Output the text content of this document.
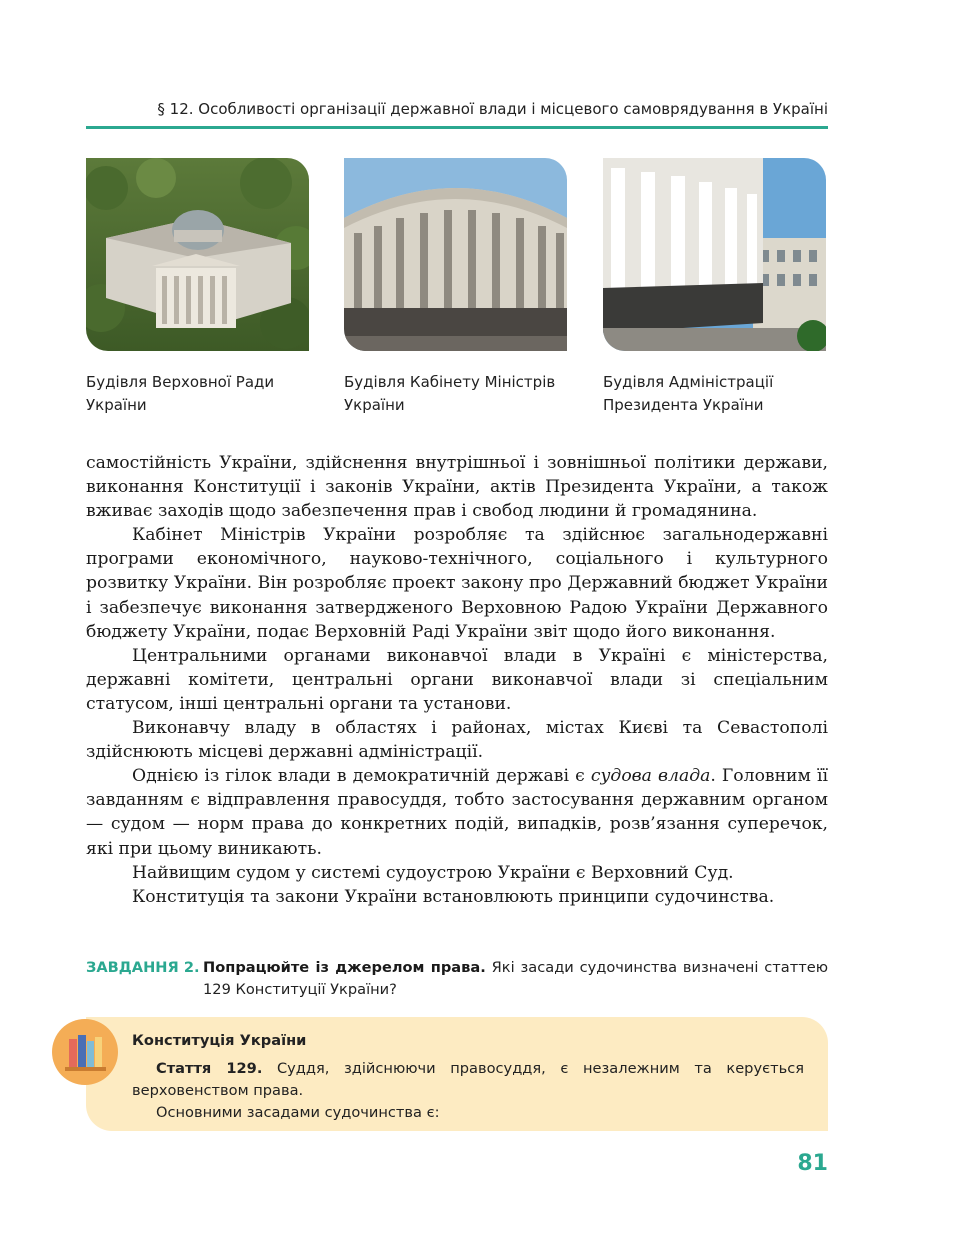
§ 12. Особливості організації державної влади і місцевого самоврядування в Україні
Будівля Верховної Ради
України
Будівля Кабінету Міністрів
України
Будівля Адміністрації
Президента України

самостійність України, здійснення внутрішньої і зовнішньої політики держави, виконання Конституції і законів України, актів Президента України, а також вживає заходів щодо забезпечення прав і свобод людини й громадянина.

Кабінет Міністрів України розробляє та здійснює загальнодержавні програми економічного, науково-технічного, соціального і культурного розвитку України. Він розробляє проект закону про Державний бюджет України і забезпечує виконання затвердженого Верховною Радою України Державного бюджету України, подає Верховній Раді України звіт щодо його виконання.

Центральними органами виконавчої влади в Україні є міністерства, державні комітети, центральні органи виконавчої влади зі спеціальним статусом, інші центральні органи та установи.

Виконавчу владу в областях і районах, містах Києві та Севастополі здійснюють місцеві державні адміністрації.

Однією із гілок влади в демократичній державі є судова влада. Головним її завданням є відправлення правосуддя, тобто застосування державним органом — судом — норм права до конкретних подій, випадків, розв’язання суперечок, які при цьому виникають.

Найвищим судом у системі судоустрою України є Верховний Суд.

Конституція та закони України встановлюють принципи судочинства.

ЗАВДАННЯ 2. Попрацюйте із джерелом права. Які засади судочинства визначені статтею 129 Конституції України?
Конституція України

Стаття 129. Суддя, здійснюючи правосуддя, є незалежним та керується верховенством права.

Основними засадами судочинства є:

81
